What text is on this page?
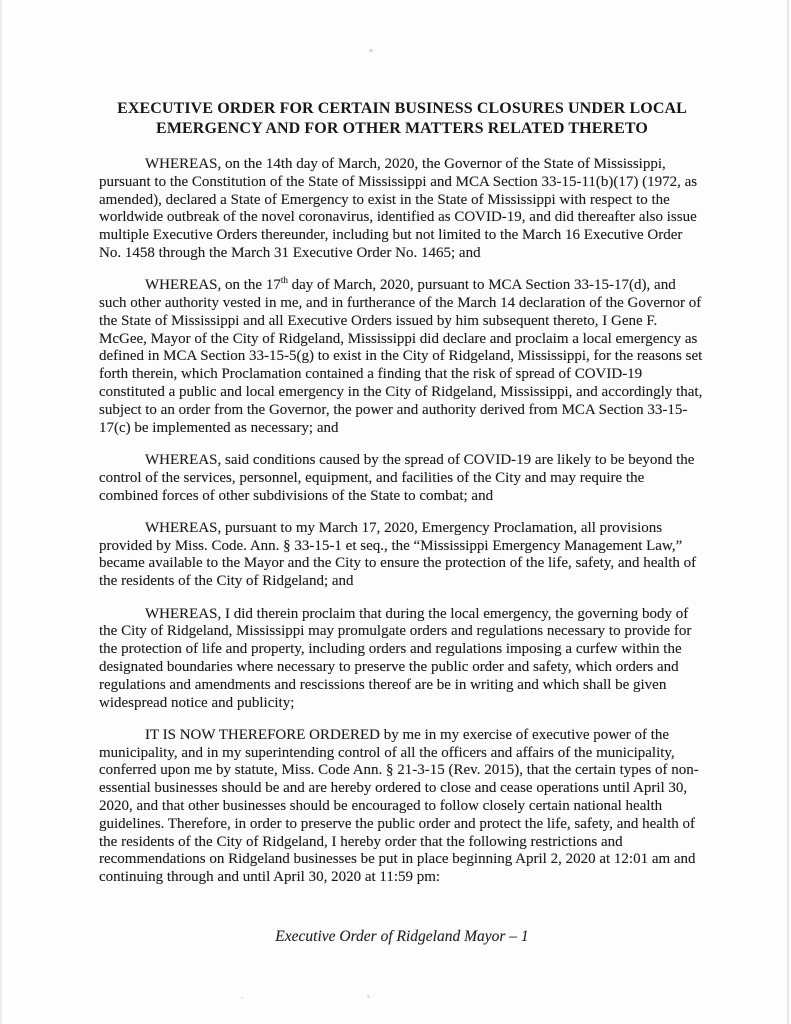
EXECUTIVE ORDER FOR CERTAIN BUSINESS CLOSURES UNDER LOCAL
EMERGENCY AND FOR OTHER MATTERS RELATED THERETO

WHEREAS, on the 14th day of March, 2020, the Governor of the State of Mississippi, pursuant to the Constitution of the State of Mississippi and MCA Section 33-15-11(b)(17) (1972, as amended), declared a State of Emergency to exist in the State of Mississippi with respect to the worldwide outbreak of the novel coronavirus, identified as COVID-19, and did thereafter also issue multiple Executive Orders thereunder, including but not limited to the March 16 Executive Order No. 1458 through the March 31 Executive Order No. 1465; and

WHEREAS, on the 17th day of March, 2020, pursuant to MCA Section 33-15-17(d), and such other authority vested in me, and in furtherance of the March 14 declaration of the Governor of the State of Mississippi and all Executive Orders issued by him subsequent thereto, I Gene F. McGee, Mayor of the City of Ridgeland, Mississippi did declare and proclaim a local emergency as defined in MCA Section 33-15-5(g) to exist in the City of Ridgeland, Mississippi, for the reasons set forth therein, which Proclamation contained a finding that the risk of spread of COVID-19 constituted a public and local emergency in the City of Ridgeland, Mississippi, and accordingly that, subject to an order from the Governor, the power and authority derived from MCA Section 33-15-17(c) be implemented as necessary; and

WHEREAS, said conditions caused by the spread of COVID-19 are likely to be beyond the control of the services, personnel, equipment, and facilities of the City and may require the combined forces of other subdivisions of the State to combat; and

WHEREAS, pursuant to my March 17, 2020, Emergency Proclamation, all provisions provided by Miss. Code. Ann. § 33-15-1 et seq., the “Mississippi Emergency Management Law,” became available to the Mayor and the City to ensure the protection of the life, safety, and health of the residents of the City of Ridgeland; and

WHEREAS, I did therein proclaim that during the local emergency, the governing body of the City of Ridgeland, Mississippi may promulgate orders and regulations necessary to provide for the protection of life and property, including orders and regulations imposing a curfew within the designated boundaries where necessary to preserve the public order and safety, which orders and regulations and amendments and rescissions thereof are be in writing and which shall be given widespread notice and publicity;

IT IS NOW THEREFORE ORDERED by me in my exercise of executive power of the municipality, and in my superintending control of all the officers and affairs of the municipality, conferred upon me by statute, Miss. Code Ann. § 21-3-15 (Rev. 2015), that the certain types of non-essential businesses should be and are hereby ordered to close and cease operations until April 30, 2020, and that other businesses should be encouraged to follow closely certain national health guidelines. Therefore, in order to preserve the public order and protect the life, safety, and health of the residents of the City of Ridgeland, I hereby order that the following restrictions and recommendations on Ridgeland businesses be put in place beginning April 2, 2020 at 12:01 am and continuing through and until April 30, 2020 at 11:59 pm:

Executive Order of Ridgeland Mayor – 1
